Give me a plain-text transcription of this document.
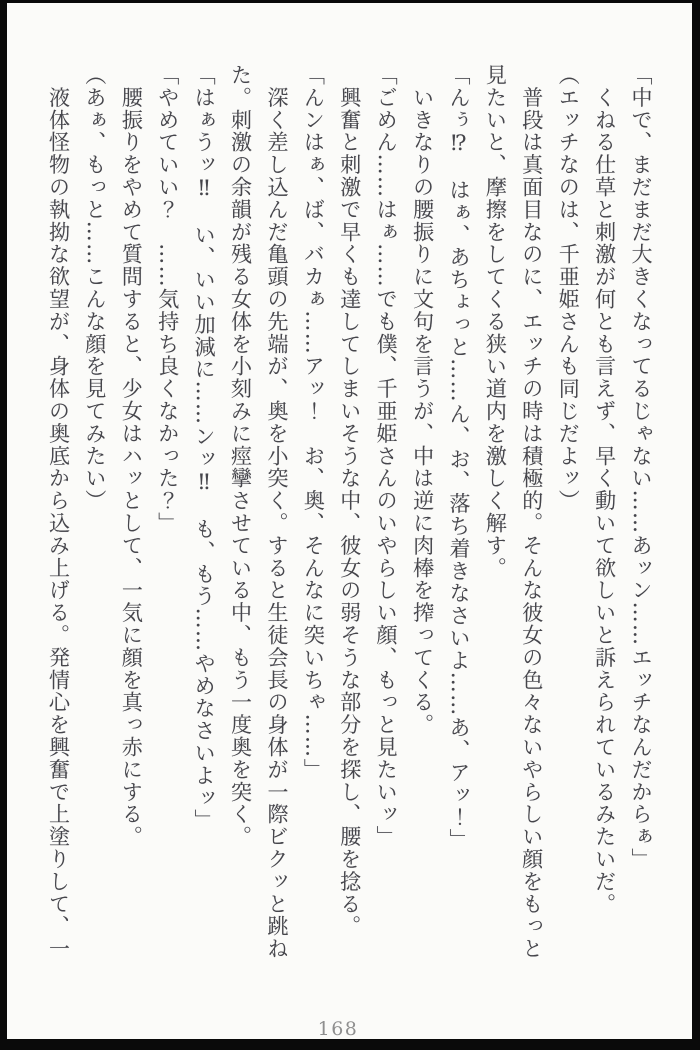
「中で、まだまだ大きくなってるじゃない……あッン……エッチなんだからぁ」
　くねる仕草と刺激が何とも言えず、早く動いて欲しいと訴えられているみたいだ。
（エッチなのは、千亜姫さんも同じだよッ）
　普段は真面目なのに、エッチの時は積極的。そんな彼女の色々ないやらしい顔をもっと
見たいと、摩擦をしてくる狭い道内を激しく解す。
「んぅ⁉　はぁ、あちょっと……ん、お、落ち着きなさいよ……あ、アッ！」
　いきなりの腰振りに文句を言うが、中は逆に肉棒を搾ってくる。
「ごめん……はぁ……でも僕、千亜姫さんのいやらしい顔、もっと見たいッ」
　興奮と刺激で早くも達してしまいそうな中、彼女の弱そうな部分を探し、腰を捻る。
「んンはぁ、ば、バカぁ……アッ！　お、奥、そんなに突いちゃ……」
　深く差し込んだ亀頭の先端が、奥を小突く。すると生徒会長の身体が一際ビクッと跳ね
た。刺激の余韻が残る女体を小刻みに痙攣させている中、もう一度奥を突く。
「はぁうッ‼　い、いい加減に……ンッ‼　も、もう……やめなさいよッ」
「やめていい？　……気持ち良くなかった？」
　腰振りをやめて質問すると、少女はハッとして、一気に顔を真っ赤にする。
（あぁ、もっと……こんな顔を見てみたい）
　液体怪物の執拗な欲望が、身体の奥底から込み上げる。発情心を興奮で上塗りして、一
168
